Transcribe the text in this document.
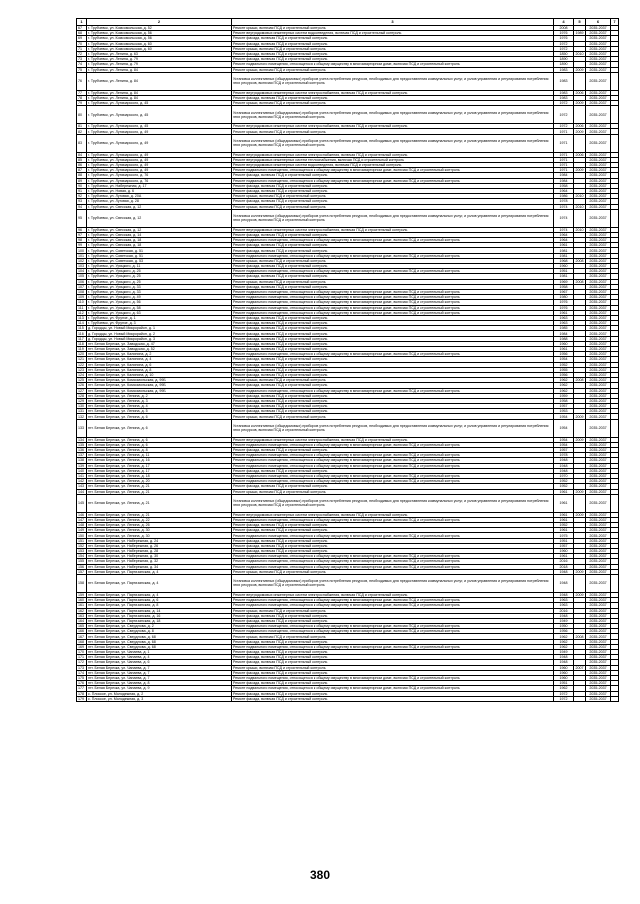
1	2	3	4	5	6	7
67	г. Трубчевск, ул. Комсомольская, д. 52	Ремонт крыши, включая ПСД и строительный контроль	2008		2035-2037	
68	г. Трубчевск, ул. Комсомольская, д. 56	Ремонт внутридомовых инженерных систем водоотведения, включая ПСД и строительный контроль	1976	1989	2035-2037	
69	г. Трубчевск, ул. Комсомольская, д. 56	Ремонт фасада, включая ПСД и строительный контроль	1976		2035-2037	
70	г. Трубчевск, ул. Комсомольская, д. 60	Ремонт фасада, включая ПСД и строительный контроль	1972		2035-2037	
71	г. Трубчевск, ул. Комсомольская, д. 60	Ремонт крыши, включая ПСД и строительный контроль	1972		2035-2037	
72	г. Трубчевск, ул. Ленина, д. 63	Ремонт фасада, включая ПСД и строительный контроль	1850	2010	2035-2037	
73	г. Трубчевск, ул. Ленина, д. 79	Ремонт фасада, включая ПСД и строительный контроль	1890		2035-2037	
74	г. Трубчевск, ул. Ленина, д. 79	Ремонт подвального помещения, относящегося к общему имуществу в многоквартирном доме, включая ПСД и строительный контроль	1890		2035-2037	
75	г. Трубчевск, ул. Ленина, д. 84	Ремонт крыши, включая ПСД и строительный контроль	1983	2009	2035-2037	
76	г. Трубчевск, ул. Ленина, д. 84	Установка коллективных (общедомовых) приборов учета потребления ресурсов, необходимых для предоставления коммунальных услуг, и узлов управления и регулирования потребления этих ресурсов, включая ПСД и строительный контроль	1983		2035-2037	
77	г. Трубчевск, ул. Ленина, д. 84	Ремонт внутридомовых инженерных систем электроснабжения, включая ПСД и строительный контроль	1983	2006	2035-2037	
78	г. Трубчевск, ул. Ленина, д. 84	Ремонт фасада, включая ПСД и строительный контроль	1983		2035-2037	
79	г. Трубчевск, ул. Луначарского, д. 45	Ремонт крыши, включая ПСД и строительный контроль	1972	2009	2035-2037	
80	г. Трубчевск, ул. Луначарского, д. 45	Установка коллективных (общедомовых) приборов учета потребления ресурсов, необходимых для предоставления коммунальных услуг, и узлов управления и регулирования потребления этих ресурсов, включая ПСД и строительный контроль	1972		2035-2037	
81	г. Трубчевск, ул. Луначарского, д. 45	Ремонт внутридомовых инженерных систем электроснабжения, включая ПСД и строительный контроль	1972	2006	2035-2037	
82	г. Трубчевск, ул. Луначарского, д. 49	Ремонт крыши, включая ПСД и строительный контроль	1971	2009	2035-2037	
83	г. Трубчевск, ул. Луначарского, д. 49	Установка коллективных (общедомовых) приборов учета потребления ресурсов, необходимых для предоставления коммунальных услуг, и узлов управления и регулирования потребления этих ресурсов, включая ПСД и строительный контроль	1971		2035-2037	
84	г. Трубчевск, ул. Луначарского, д. 49	Ремонт внутридомовых инженерных систем электроснабжения, включая ПСД и строительный контроль	1971	2006	2035-2037	
85	г. Трубчевск, ул. Луначарского, д. 49	Ремонт внутридомовых инженерных систем теплоснабжения, включая ПСД и строительный контроль	1971		2035-2037	
86	г. Трубчевск, ул. Луначарского, д. 49	Ремонт внутридомовых инженерных систем водоотведения, включая ПСД и строительный контроль	1971		2035-2037	
87	г. Трубчевск, ул. Луначарского, д. 49	Ремонт подвального помещения, относящегося к общему имуществу в многоквартирном доме, включая ПСД и строительный контроль	1971	2009	2035-2037	
88	г. Трубчевск, ул. Луначарского, д. 76	Ремонт фасада, включая ПСД и строительный контроль	1984		2035-2037	
89	г. Трубчевск, ул. Луначарского, д. 76	Ремонт подвального помещения, относящегося к общему имуществу в многоквартирном доме, включая ПСД и строительный контроль	1984		2035-2037	
90	г. Трубчевск, ул. Набережная, д. 17	Ремонт фасада, включая ПСД и строительный контроль	1958		2035-2037	
91	г. Трубчевск, ул. Новая, д. 6	Ремонт фасада, включая ПСД и строительный контроль	1964		2035-2037	
92	г. Трубчевск, ул. Луговая, д. 20А	Ремонт крыши, включая ПСД и строительный контроль	1986	2010	2035-2037	
93	г. Трубчевск, ул. Луговая, д. 28	Ремонт фасада, включая ПСД и строительный контроль	1978		2035-2037	
94	г. Трубчевск, ул. Свесская, д. 12	Ремонт крыши, включая ПСД и строительный контроль	1974	2010	2035-2037	
95	г. Трубчевск, ул. Свесская, д. 12	Установка коллективных (общедомовых) приборов учета потребления ресурсов, необходимых для предоставления коммунальных услуг, и узлов управления и регулирования потребления этих ресурсов, включая ПСД и строительный контроль	1974		2035-2037	
96	г. Трубчевск, ул. Свесская, д. 12	Ремонт внутридомовых инженерных систем электроснабжения, включая ПСД и строительный контроль	1974	2010	2035-2037	
97	г. Трубчевск, ул. Свесская, д. 14	Ремонт фасада, включая ПСД и строительный контроль	1964		2035-2037	
98	г. Трубчевск, ул. Свесская, д. 18	Ремонт подвального помещения, относящегося к общему имуществу в многоквартирном доме, включая ПСД и строительный контроль	1964		2035-2037	
99	г. Трубчевск, ул. Свесская, д. 18	Ремонт фасада, включая ПСД и строительный контроль	1961		2035-2037	
100	г. Трубчевск, ул. Советская, д. 51	Ремонт фасада, включая ПСД и строительный контроль	1981		2035-2037	
101	г. Трубчевск, ул. Советская, д. 51	Ремонт подвального помещения, относящегося к общему имуществу в многоквартирном доме, включая ПСД и строительный контроль	1981		2035-2037	
102	г. Трубчевск, ул. Советская, д. 53	Ремонт крыши, включая ПСД и строительный контроль	1968	2008	2035-2037	
103	г. Трубчевск, ул. Урицкого, д. 11	Ремонт фасада, включая ПСД и строительный контроль	1960		2035-2037	
104	г. Трубчевск, ул. Урицкого, д. 25	Ремонт подвального помещения, относящегося к общему имуществу в многоквартирном доме, включая ПСД и строительный контроль	1951		2035-2037	
105	г. Трубчевск, ул. Урицкого, д. 25	Ремонт фасада, включая ПСД и строительный контроль	1981		2035-2037	
106	г. Трубчевск, ул. Урицкого, д. 25	Ремонт крыши, включая ПСД и строительный контроль	1969	2008	2035-2037	
107	г. Трубчевск, ул. Урицкого, д. 33	Ремонт фасада, включая ПСД и строительный контроль	1958		2035-2037	
108	г. Трубчевск, ул. Урицкого, д. 33	Ремонт подвального помещения, относящегося к общему имуществу в многоквартирном доме, включая ПСД и строительный контроль	1967		2035-2037	
109	г. Трубчевск, ул. Урицкого, д. 49	Ремонт подвального помещения, относящегося к общему имуществу в многоквартирном доме, включая ПСД и строительный контроль	1980		2035-2037	
110	г. Трубчевск, ул. Урицкого, д. 56	Ремонт подвального помещения, относящегося к общему имуществу в многоквартирном доме, включая ПСД и строительный контроль	1976		2035-2037	
111	г. Трубчевск, ул. Урицкого, д. 58	Ремонт подвального помещения, относящегося к общему имуществу в многоквартирном доме, включая ПСД и строительный контроль	1976		2035-2037	
112	г. Трубчевск, ул. Урицкого, д. 63	Ремонт подвального помещения, относящегося к общему имуществу в многоквартирном доме, включая ПСД и строительный контроль	1961		2035-2037	
113	г. Трубчевск, ул. Фрунзе, д. 1	Ремонт фасада, включая ПСД и строительный контроль	1963		2035-2037	
114	г. Трубчевск, ул. Фрунзе, д. 3	Ремонт фасада, включая ПСД и строительный контроль	1963		2035-2037	
115	д. Городцы, ул. Новый Микрорайон, д. 1	Ремонт фасада, включая ПСД и строительный контроль	1985		2035-2037	
116	д. Городцы, ул. Новый Микрорайон, д. 2	Ремонт фасада, включая ПСД и строительный контроль	1984		2035-2037	
117	д. Городцы, ул. Новый Микрорайон, д. 3	Ремонт фасада, включая ПСД и строительный контроль	1988		2035-2037	
118	пгт. Белая Березка, ул. Заводская, д. 47	Ремонт фасада, включая ПСД и строительный контроль	1960		2035-2037	
119	пгт. Белая Березка, ул. Заводская, д. 52	Ремонт фасада, включая ПСД и строительный контроль	1961		2035-2037	
120	пгт. Белая Березка, ул. Калинина, д. 2	Ремонт подвального помещения, относящегося к общему имуществу в многоквартирном доме, включая ПСД и строительный контроль	1956		2035-2037	
121	пгт. Белая Березка, ул. Калинина, д. 4	Ремонт фасада, включая ПСД и строительный контроль	1954		2035-2037	
122	пгт. Белая Березка, ул. Калинина, д. 6	Ремонт фасада, включая ПСД и строительный контроль	1952		2035-2037	
123	пгт. Белая Березка, ул. Калинина, д. 8	Ремонт фасада, включая ПСД и строительный контроль	1955		2035-2037	
124	пгт. Белая Березка, ул. Калинина, д. 10	Ремонт фасада, включая ПСД и строительный контроль	1956		2035-2037	
125	пгт. Белая Березка, ул. Комсомольская, д. 99Б	Ремонт крыши, включая ПСД и строительный контроль	1962	2008	2035-2037	
126	пгт. Белая Березка, ул. Комсомольская, д. 99Б	Ремонт фасада, включая ПСД и строительный контроль	1962		2035-2037	
127	пгт. Белая Березка, ул. Комсомольская, д. 99Б	Ремонт подвального помещения, относящегося к общему имуществу в многоквартирном доме, включая ПСД и строительный контроль	1962		2035-2037	
128	пгт. Белая Березка, ул. Ленина, д. 2	Ремонт фасада, включая ПСД и строительный контроль	1959		2035-2037	
129	пгт. Белая Березка, ул. Ленина, д. 3	Ремонт фасада, включая ПСД и строительный контроль	1958		2035-2037	
130	пгт. Белая Березка, ул. Ленина, д. 4	Ремонт фасада, включая ПСД и строительный контроль	1957		2035-2037	
131	пгт. Белая Березка, ул. Ленина, д. 5	Ремонт фасада, включая ПСД и строительный контроль	1953		2035-2037	
132	пгт. Белая Березка, ул. Ленина, д. 6	Ремонт крыши, включая ПСД и строительный контроль	1954	2009	2035-2037	
133	пгт. Белая Березка, ул. Ленина, д. 6	Установка коллективных (общедомовых) приборов учета потребления ресурсов, необходимых для предоставления коммунальных услуг, и узлов управления и регулирования потребления этих ресурсов, включая ПСД и строительный контроль	1954		2035-2037	
134	пгт. Белая Березка, ул. Ленина, д. 6	Ремонт внутридомовых инженерных систем электроснабжения, включая ПСД и строительный контроль	1954	2009	2035-2037	
135	пгт. Белая Березка, ул. Ленина, д. 6	Ремонт подвального помещения, относящегося к общему имуществу в многоквартирном доме, включая ПСД и строительный контроль	1954		2035-2037	
136	пгт. Белая Березка, ул. Ленина, д. 8	Ремонт фасада, включая ПСД и строительный контроль	1957		2035-2037	
137	пгт. Белая Березка, ул. Ленина, д. 11	Ремонт подвального помещения, относящегося к общему имуществу в многоквартирном доме, включая ПСД и строительный контроль	1978		2035-2037	
138	пгт. Белая Березка, ул. Ленина, д. 16	Ремонт подвального помещения, относящегося к общему имуществу в многоквартирном доме, включая ПСД и строительный контроль	1948		2035-2037	
139	пгт. Белая Березка, ул. Ленина, д. 17	Ремонт подвального помещения, относящегося к общему имуществу в многоквартирном доме, включая ПСД и строительный контроль	1948		2035-2037	
140	пгт. Белая Березка, ул. Ленина, д. 17	Ремонт фасада, включая ПСД и строительный контроль	1948		2035-2037	
141	пгт. Белая Березка, ул. Ленина, д. 18	Ремонт подвального помещения, относящегося к общему имуществу в многоквартирном доме, включая ПСД и строительный контроль	1970		2035-2037	
142	пгт. Белая Березка, ул. Ленина, д. 20	Ремонт подвального помещения, относящегося к общему имуществу в многоквартирном доме, включая ПСД и строительный контроль	1952		2035-2037	
143	пгт. Белая Березка, ул. Ленина, д. 21	Ремонт фасада, включая ПСД и строительный контроль	1952		2035-2037	
144	пгт. Белая Березка, ул. Ленина, д. 21	Ремонт крыши, включая ПСД и строительный контроль	1961	2009	2035-2037	
145	пгт. Белая Березка, ул. Ленина, д. 21	Установка коллективных (общедомовых) приборов учета потребления ресурсов, необходимых для предоставления коммунальных услуг, и узлов управления и регулирования потребления этих ресурсов, включая ПСД и строительный контроль	1961		2035-2037	
146	пгт. Белая Березка, ул. Ленина, д. 21	Ремонт внутридомовых инженерных систем электроснабжения, включая ПСД и строительный контроль	1961	2009	2035-2037	
147	пгт. Белая Березка, ул. Ленина, д. 22	Ремонт подвального помещения, относящегося к общему имуществу в многоквартирном доме, включая ПСД и строительный контроль	1961		2035-2037	
148	пгт. Белая Березка, ул. Ленина, д. 26	Ремонт фасада, включая ПСД и строительный контроль	1952		2035-2037	
149	пгт. Белая Березка, ул. Ленина, д. 30	Ремонт фасада, включая ПСД и строительный контроль	1961		2035-2037	
150	пгт. Белая Березка, ул. Ленина, д. 30	Ремонт подвального помещения, относящегося к общему имуществу в многоквартирном доме, включая ПСД и строительный контроль	1975		2035-2037	
151	пгт. Белая Березка, ул. Набережная, д. 24	Ремонт фасада, включая ПСД и строительный контроль	1951		2035-2037	
152	пгт. Белая Березка, ул. Набережная, д. 26	Ремонт фасада, включая ПСД и строительный контроль	1957		2035-2037	
153	пгт. Белая Березка, ул. Набережная, д. 28	Ремонт фасада, включая ПСД и строительный контроль	1960		2035-2037	
154	пгт. Белая Березка, ул. Набережная, д. 30	Ремонт подвального помещения, относящегося к общему имуществу в многоквартирном доме, включая ПСД и строительный контроль	1961		2035-2037	
155	пгт. Белая Березка, ул. Набережная, д. 32	Ремонт подвального помещения, относящегося к общему имуществу в многоквартирном доме, включая ПСД и строительный контроль	2016		2035-2037	
156	пгт. Белая Березка, ул. Набережная, д. 34	Ремонт подвального помещения, относящегося к общему имуществу в многоквартирном доме, включая ПСД и строительный контроль	2018		2035-2037	
157	пгт. Белая Березка, ул. Партизанская, д. 4	Ремонт крыши, включая ПСД и строительный контроль	1948	2009	2035-2037	
158	пгт. Белая Березка, ул. Партизанская, д. 4	Установка коллективных (общедомовых) приборов учета потребления ресурсов, необходимых для предоставления коммунальных услуг, и узлов управления и регулирования потребления этих ресурсов, включая ПСД и строительный контроль	1948		2035-2037	
159	пгт. Белая Березка, ул. Партизанская, д. 4	Ремонт внутридомовых инженерных систем электроснабжения, включая ПСД и строительный контроль	1948	2009	2035-2037	
160	пгт. Белая Березка, ул. Партизанская, д. 6	Ремонт подвального помещения, относящегося к общему имуществу в многоквартирном доме, включая ПСД и строительный контроль	1963		2035-2037	
161	пгт. Белая Березка, ул. Партизанская, д. 8	Ремонт подвального помещения, относящегося к общему имуществу в многоквартирном доме, включая ПСД и строительный контроль	1963		2035-2037	
162	пгт. Белая Березка, ул. Партизанская, д. 14	Ремонт крыши, включая ПСД и строительный контроль	2016		2035-2037	
163	пгт. Белая Березка, ул. Партизанская, д. 16	Ремонт фасада, включая ПСД и строительный контроль	1948		2035-2037	
164	пгт. Белая Березка, ул. Партизанская, д. 18	Ремонт фасада, включая ПСД и строительный контроль	1949		2035-2037	
165	пгт. Белая Березка, ул. Свердлова, д. 2	Ремонт подвального помещения, относящегося к общему имуществу в многоквартирном доме, включая ПСД и строительный контроль	1950		2035-2037	
166	пгт. Белая Березка, ул. Свердлова, д. 8	Ремонт подвального помещения, относящегося к общему имуществу в многоквартирном доме, включая ПСД и строительный контроль	1956		2035-2037	
167	пгт. Белая Березка, ул. Свердлова, д. 68	Ремонт крыши, включая ПСД и строительный контроль	1962	2008	2035-2037	
168	пгт. Белая Березка, ул. Свердлова, д. 68	Ремонт фасада, включая ПСД и строительный контроль	1962		2035-2037	
169	пгт. Белая Березка, ул. Свердлова, д. 68	Ремонт подвального помещения, относящегося к общему имуществу в многоквартирном доме, включая ПСД и строительный контроль	1962		2035-2037	
170	пгт. Белая Березка, ул. Чапаева, д. 1	Ремонт фасада, включая ПСД и строительный контроль	1949		2035-2037	
171	пгт. Белая Березка, ул. Чапаева, д. 4	Ремонт фасада, включая ПСД и строительный контроль	1948		2035-2037	
172	пгт. Белая Березка, ул. Чапаева, д. 6	Ремонт фасада, включая ПСД и строительный контроль	1948		2035-2037	
173	пгт. Белая Березка, ул. Чапаева, д. 7	Ремонт крыши, включая ПСД и строительный контроль	1960	2007	2035-2037	
174	пгт. Белая Березка, ул. Чапаева, д. 7	Ремонт фасада, включая ПСД и строительный контроль	1960		2035-2037	
175	пгт. Белая Березка, ул. Чапаева, д. 7	Ремонт подвального помещения, относящегося к общему имуществу в многоквартирном доме, включая ПСД и строительный контроль	1960		2035-2037	
176	пгт. Белая Березка, ул. Чапаева, д. 8	Ремонт фасада, включая ПСД и строительный контроль	1951		2035-2037	
177	пгт. Белая Березка, ул. Чапаева, д. 9	Ремонт подвального помещения, относящегося к общему имуществу в многоквартирном доме, включая ПСД и строительный контроль	1962		2035-2037	
178	с. Плоское, ул. Молодежная, д. 2	Ремонт фасада, включая ПСД и строительный контроль	1972		2035-2037	
179	с. Плоское, ул. Молодежная, д. 3	Ремонт фасада, включая ПСД и строительный контроль	1972		2035-2037	
380
